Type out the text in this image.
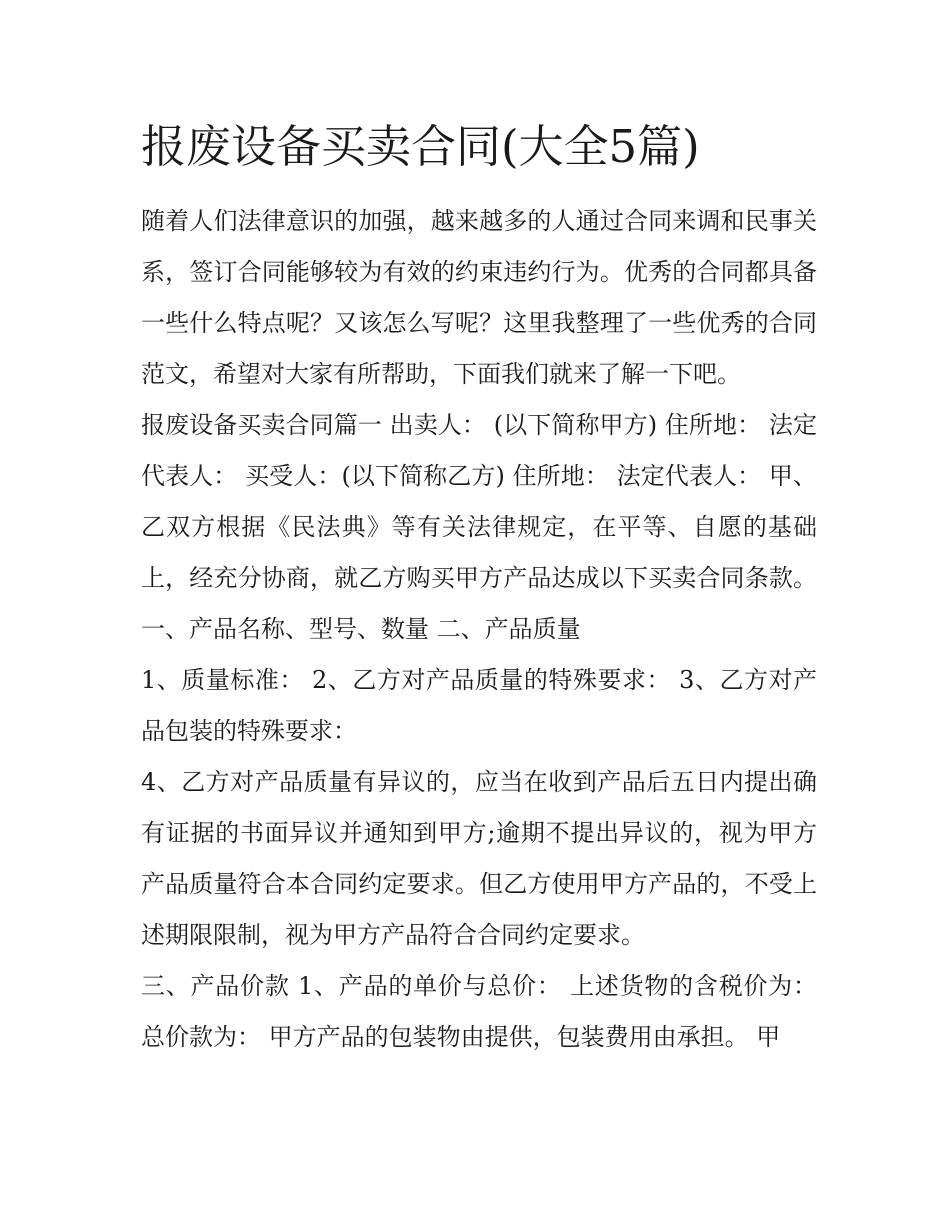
报废设备买卖合同(大全5篇)

随着人们法律意识的加强，越来越多的人通过合同来调和民事关系，签订合同能够较为有效的约束违约行为。优秀的合同都具备一些什么特点呢？又该怎么写呢？这里我整理了一些优秀的合同范文，希望对大家有所帮助，下面我们就来了解一下吧。

报废设备买卖合同篇一 出卖人： (以下简称甲方) 住所地： 法定代表人： 买受人：(以下简称乙方) 住所地： 法定代表人： 甲、乙双方根据《民法典》等有关法律规定，在平等、自愿的基础上，经充分协商，就乙方购买甲方产品达成以下买卖合同条款。 一、产品名称、型号、数量 二、产品质量

1、质量标准： 2、乙方对产品质量的特殊要求： 3、乙方对产品包装的特殊要求：

4、乙方对产品质量有异议的，应当在收到产品后五日内提出确有证据的书面异议并通知到甲方;逾期不提出异议的，视为甲方产品质量符合本合同约定要求。但乙方使用甲方产品的，不受上述期限限制，视为甲方产品符合合同约定要求。

三、产品价款 1、产品的单价与总价： 上述货物的含税价为：总价款为： 甲方产品的包装物由提供，包装费用由承担。 甲
